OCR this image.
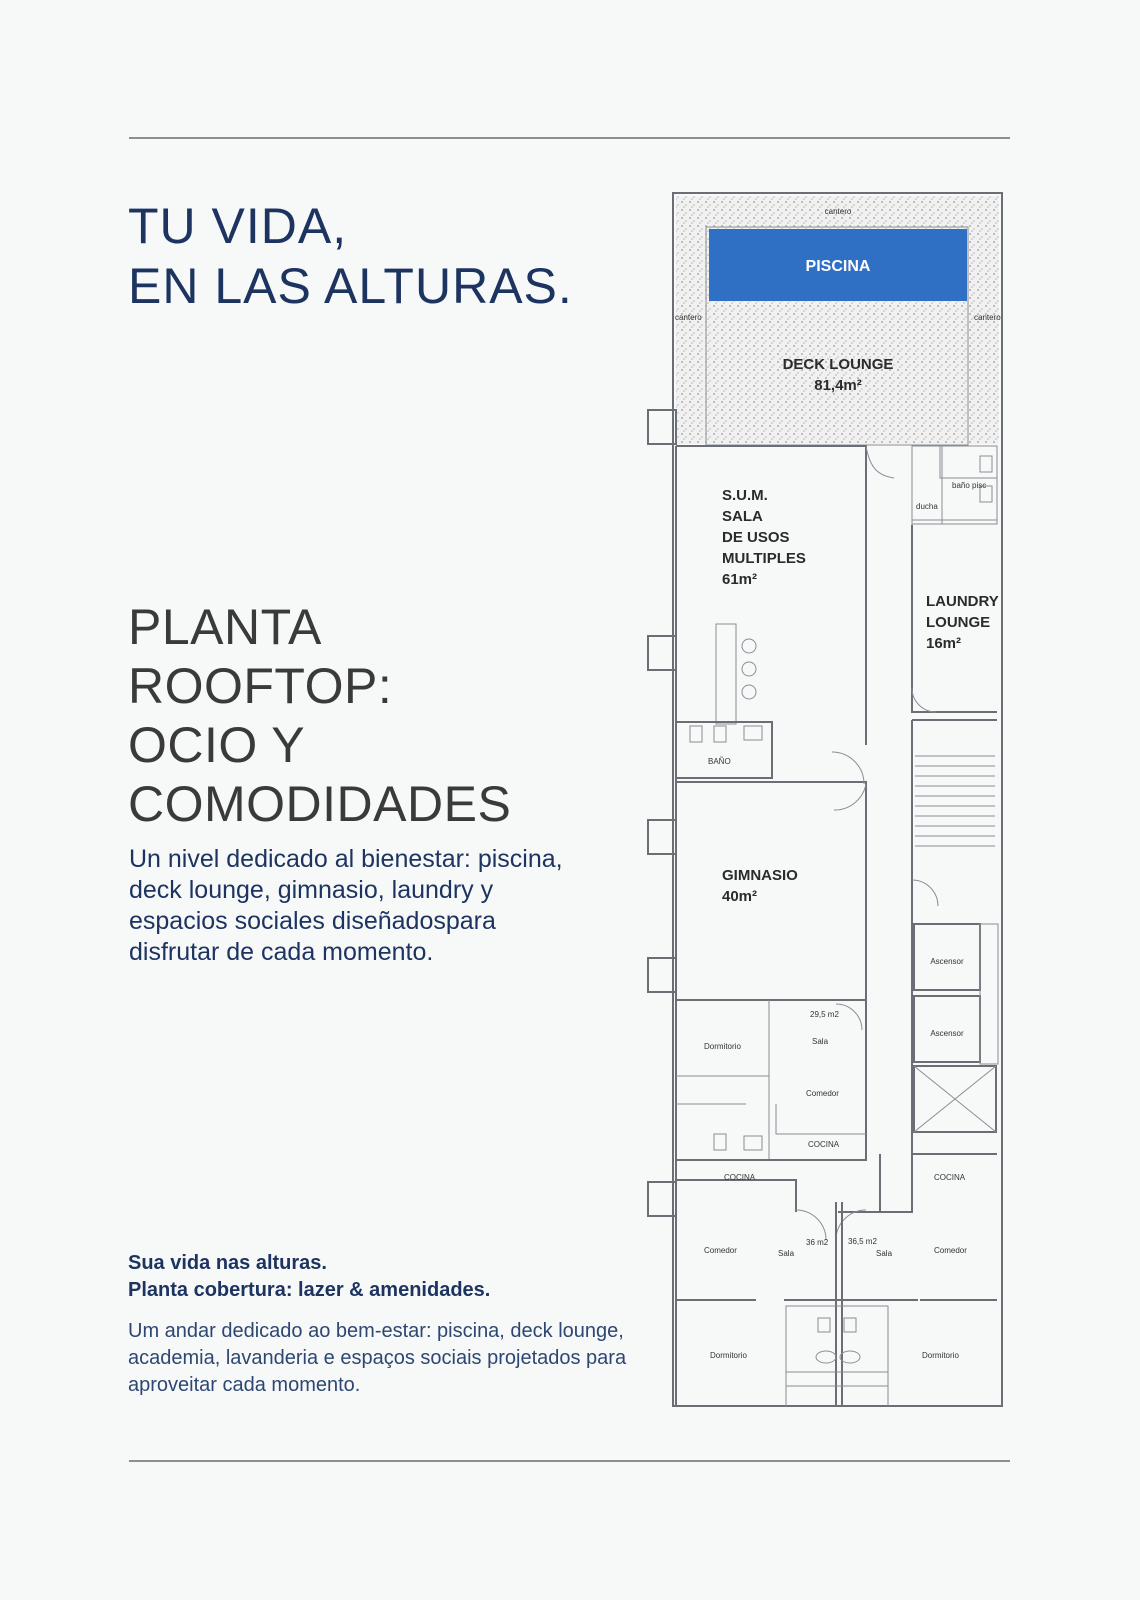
TU VIDA,
EN LAS ALTURAS.
PLANTA
ROOFTOP:
OCIO Y
COMODIDADES

Un nivel dedicado al bienestar: piscina, deck lounge, gimnasio, laundry y espacios sociales diseñadospara disfrutar de cada momento.

Sua vida nas alturas.

Planta cobertura: lazer & amenidades.

Um andar dedicado ao bem-estar: piscina, deck lounge, academia, lavanderia e espaços sociais projetados para aproveitar cada momento.

PISCINA
cantero
cantero	cantero
DECK LOUNGE
81,4m²
S.U.M.
SALA
DE USOS
MULTIPLES
61m²
LAUNDRY
LOUNGE
16m²
baño pisc
ducha
BAÑO
GIMNASIO
40m²
Ascensor
Ascensor
29,5 m2
Dormitorio
Sala
Comedor
COCINA
COCINA	COCINA
Comedor	Sala
36 m2 36,5 m2
Sala	Comedor
Dormitorio	Dormitorio
